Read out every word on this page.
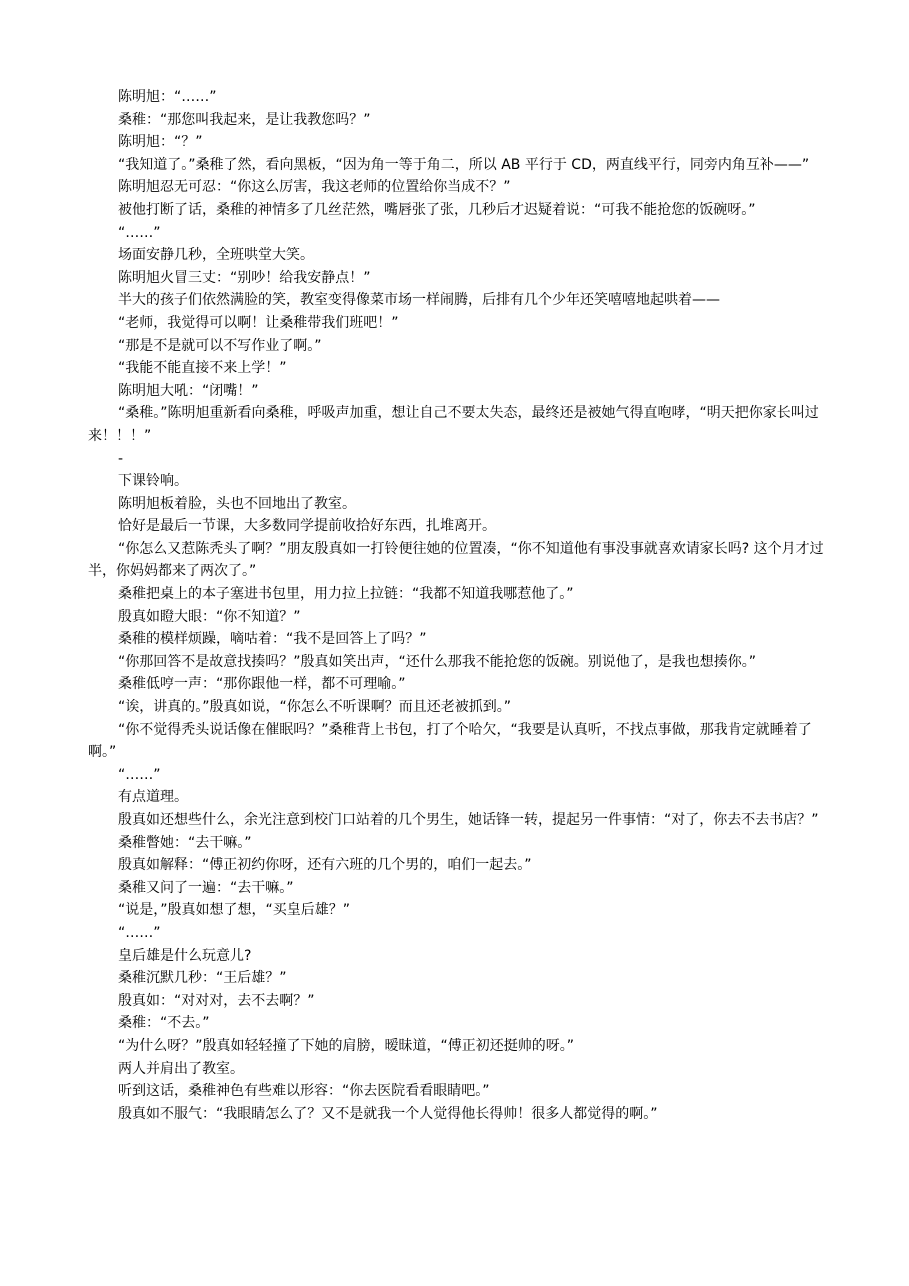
陈明旭：“……”

桑稚：“那您叫我起来，是让我教您吗？”

陈明旭：“？”

“我知道了。”桑稚了然，看向黑板，“因为角一等于角二，所以 AB 平行于 CD，两直线平行，同旁内角互补——”

陈明旭忍无可忍：“你这么厉害，我这老师的位置给你当成不？”

被他打断了话，桑稚的神情多了几丝茫然，嘴唇张了张，几秒后才迟疑着说：“可我不能抢您的饭碗呀。”

“……”

场面安静几秒，全班哄堂大笑。

陈明旭火冒三丈：“别吵！给我安静点！”

半大的孩子们依然满脸的笑，教室变得像菜市场一样闹腾，后排有几个少年还笑嘻嘻地起哄着——

“老师，我觉得可以啊！让桑稚带我们班吧！”

“那是不是就可以不写作业了啊。”

“我能不能直接不来上学！”

陈明旭大吼：“闭嘴！”

“桑稚。”陈明旭重新看向桑稚，呼吸声加重，想让自己不要太失态，最终还是被她气得直咆哮，“明天把你家长叫过来！！！”

-

下课铃响。

陈明旭板着脸，头也不回地出了教室。

恰好是最后一节课，大多数同学提前收拾好东西，扎堆离开。

“你怎么又惹陈秃头了啊？”朋友殷真如一打铃便往她的位置凑，“你不知道他有事没事就喜欢请家长吗? 这个月才过半，你妈妈都来了两次了。”

桑稚把桌上的本子塞进书包里，用力拉上拉链：“我都不知道我哪惹他了。”

殷真如瞪大眼：“你不知道？”

桑稚的模样烦躁，嘀咕着：“我不是回答上了吗？”

“你那回答不是故意找揍吗？”殷真如笑出声，“还什么那我不能抢您的饭碗。别说他了，是我也想揍你。”

桑稚低哼一声：“那你跟他一样，都不可理喻。”

“诶，讲真的。”殷真如说，“你怎么不听课啊？而且还老被抓到。”

“你不觉得秃头说话像在催眠吗？”桑稚背上书包，打了个哈欠，“我要是认真听，不找点事做，那我肯定就睡着了啊。”

“……”

有点道理。

殷真如还想些什么，余光注意到校门口站着的几个男生，她话锋一转，提起另一件事情：“对了，你去不去书店？”

桑稚瞥她：“去干嘛。”

殷真如解释：“傅正初约你呀，还有六班的几个男的，咱们一起去。”

桑稚又问了一遍：“去干嘛。”

“说是，”殷真如想了想，“买皇后雄？”

“……”

皇后雄是什么玩意儿?

桑稚沉默几秒：“王后雄？”

殷真如：“对对对，去不去啊？”

桑稚：“不去。”

“为什么呀？”殷真如轻轻撞了下她的肩膀，暧昧道，“傅正初还挺帅的呀。”

两人并肩出了教室。

听到这话，桑稚神色有些难以形容：“你去医院看看眼睛吧。”

殷真如不服气：“我眼睛怎么了？又不是就我一个人觉得他长得帅！很多人都觉得的啊。”
